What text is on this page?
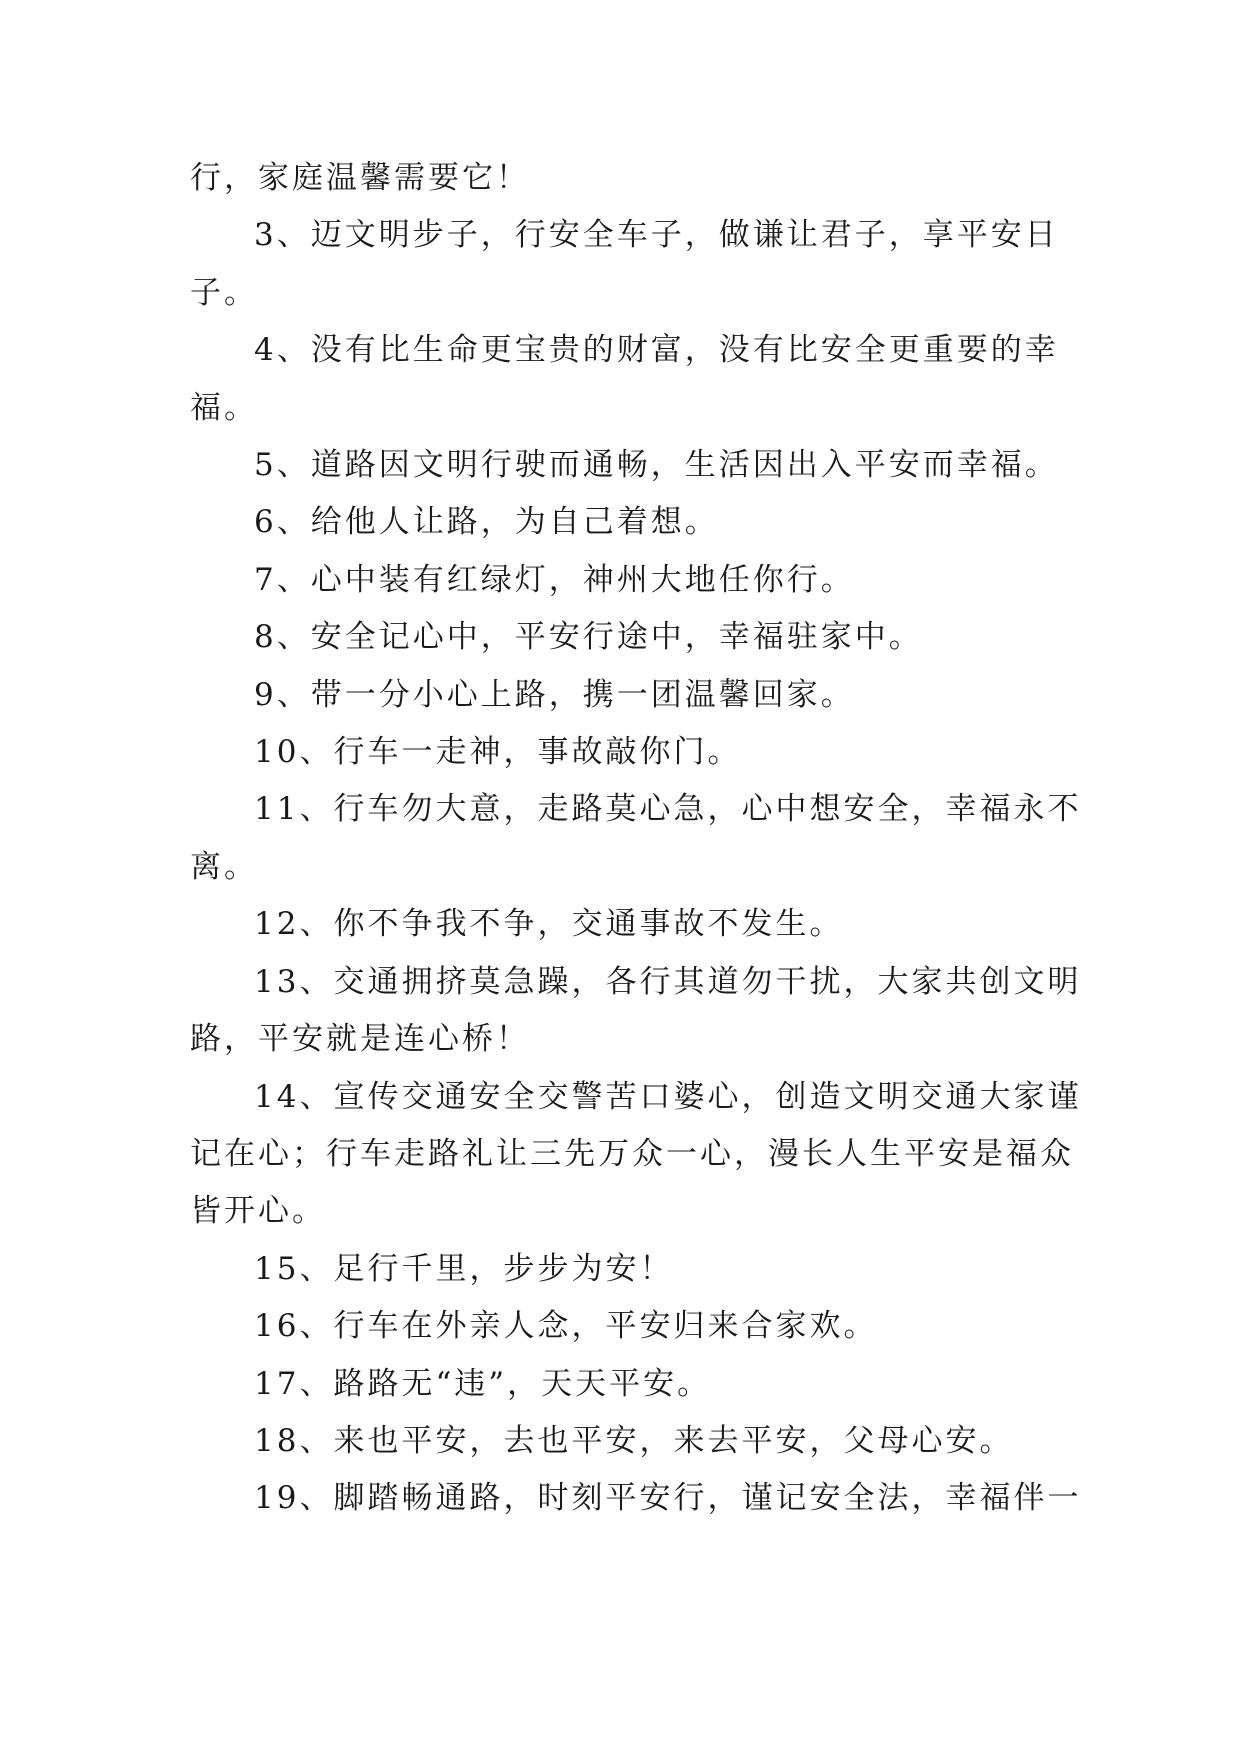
行，家庭温馨需要它！

3、迈文明步子，行安全车子，做谦让君子，享平安日

子。

4、没有比生命更宝贵的财富，没有比安全更重要的幸

福。

5、道路因文明行驶而通畅，生活因出入平安而幸福。

6、给他人让路，为自己着想。

7、心中装有红绿灯，神州大地任你行。

8、安全记心中，平安行途中，幸福驻家中。

9、带一分小心上路，携一团温馨回家。

10、行车一走神，事故敲你门。

11、行车勿大意，走路莫心急，心中想安全，幸福永不

离。

12、你不争我不争，交通事故不发生。

13、交通拥挤莫急躁，各行其道勿干扰，大家共创文明

路，平安就是连心桥！

14、宣传交通安全交警苦口婆心，创造文明交通大家谨

记在心；行车走路礼让三先万众一心，漫长人生平安是福众

皆开心。

15、足行千里，步步为安！

16、行车在外亲人念，平安归来合家欢。

17、路路无“违”，天天平安。

18、来也平安，去也平安，来去平安，父母心安。

19、脚踏畅通路，时刻平安行，谨记安全法，幸福伴一
